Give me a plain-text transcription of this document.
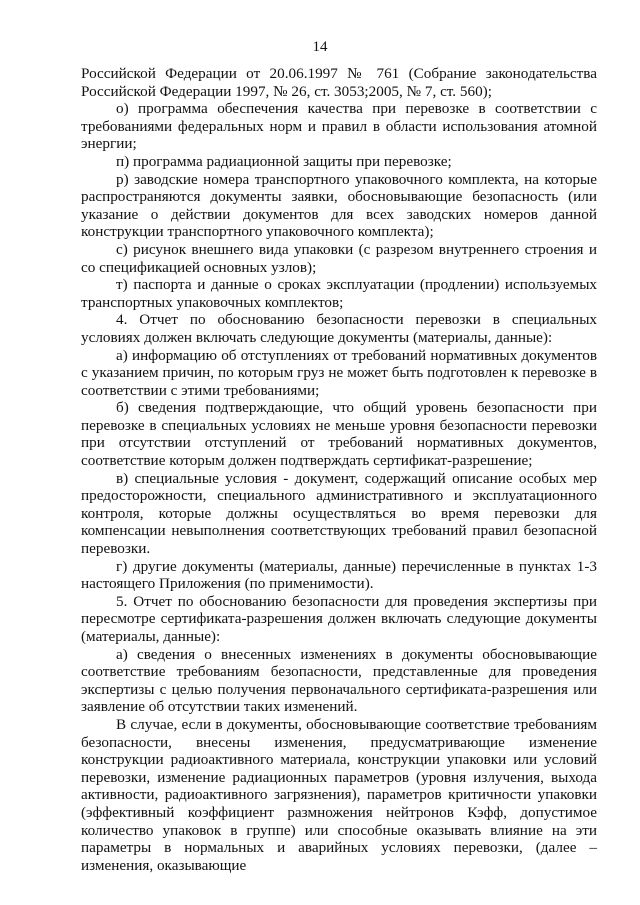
14

Российской Федерации от 20.06.1997 № 761 (Собрание законодательства Российской Федерации 1997, № 26, ст. 3053;2005, № 7, ст. 560);

о) программа обеспечения качества при перевозке в соответствии с требованиями федеральных норм и правил в области использования атомной энергии;

п) программа радиационной защиты при перевозке;

р) заводские номера транспортного упаковочного комплекта, на которые распространяются документы заявки, обосновывающие безопасность (или указание о действии документов для всех заводских номеров данной конструкции транспортного упаковочного комплекта);

с) рисунок внешнего вида упаковки (с разрезом внутреннего строения и со спецификацией основных узлов);

т) паспорта и данные о сроках эксплуатации (продлении) используемых транспортных упаковочных комплектов;

4. Отчет по обоснованию безопасности перевозки в специальных условиях должен включать следующие документы (материалы, данные):

а) информацию об отступлениях от требований нормативных документов с указанием причин, по которым груз не может быть подготовлен к перевозке в соответствии с этими требованиями;

б) сведения подтверждающие, что общий уровень безопасности при перевозке в специальных условиях не меньше уровня безопасности перевозки при отсутствии отступлений от требований нормативных документов, соответствие которым должен подтверждать сертификат-разрешение;

в) специальные условия - документ, содержащий описание особых мер предосторожности, специального административного и эксплуатационного контроля, которые должны осуществляться во время перевозки для компенсации невыполнения соответствующих требований правил безопасной перевозки.

г) другие документы (материалы, данные) перечисленные в пунктах 1-3 настоящего Приложения (по применимости).

5. Отчет по обоснованию безопасности для проведения экспертизы при пересмотре сертификата-разрешения должен включать следующие документы (материалы, данные):

а) сведения о внесенных изменениях в документы обосновывающие соответствие требованиям безопасности, представленные для проведения экспертизы с целью получения первоначального сертификата-разрешения или заявление об отсутствии таких изменений.

В случае, если в документы, обосновывающие соответствие требованиям безопасности, внесены изменения, предусматривающие изменение конструкции радиоактивного материала, конструкции упаковки или условий перевозки, изменение радиационных параметров (уровня излучения, выхода активности, радиоактивного загрязнения), параметров критичности упаковки (эффективный коэффициент размножения нейтронов Кэфф, допустимое количество упаковок в группе) или способные оказывать влияние на эти параметры в нормальных и аварийных условиях перевозки, (далее – изменения, оказывающие
